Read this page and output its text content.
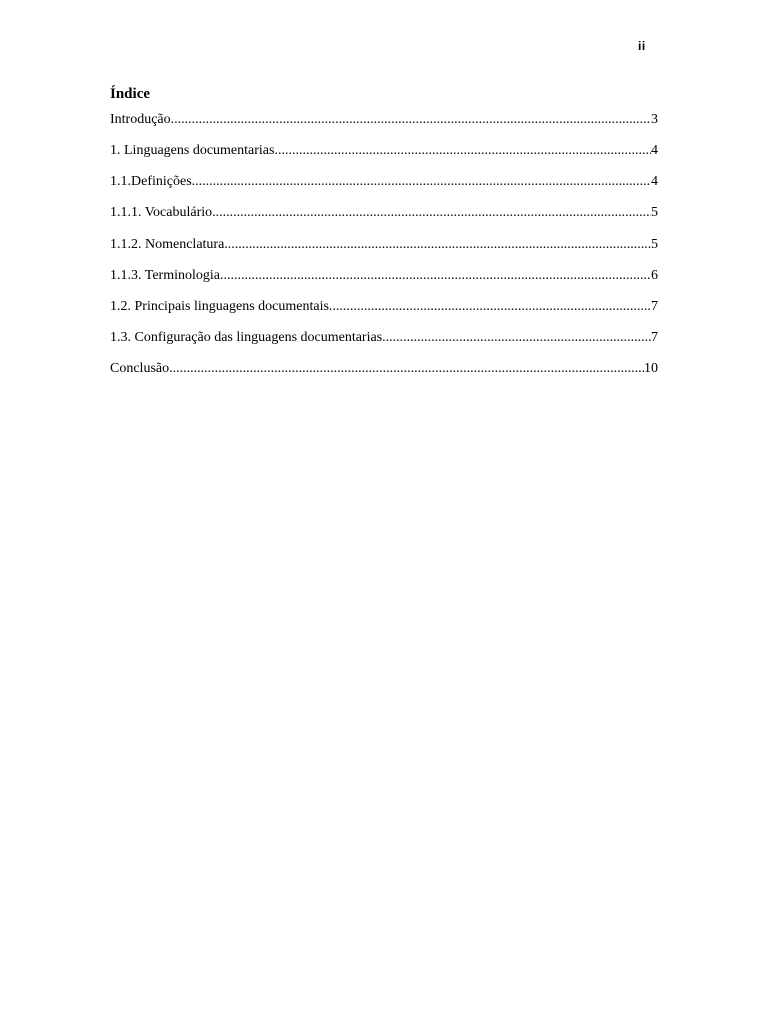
ii
Índice
Introdução .....	3
1. Linguagens documentarias .....	4
1.1.Definições .....	4
1.1.1. Vocabulário .....	5
1.1.2. Nomenclatura .....	5
1.1.3. Terminologia .....	6
1.2. Principais linguagens documentais .....	7
1.3. Configuração das linguagens documentarias .....	7
Conclusão .....	10
